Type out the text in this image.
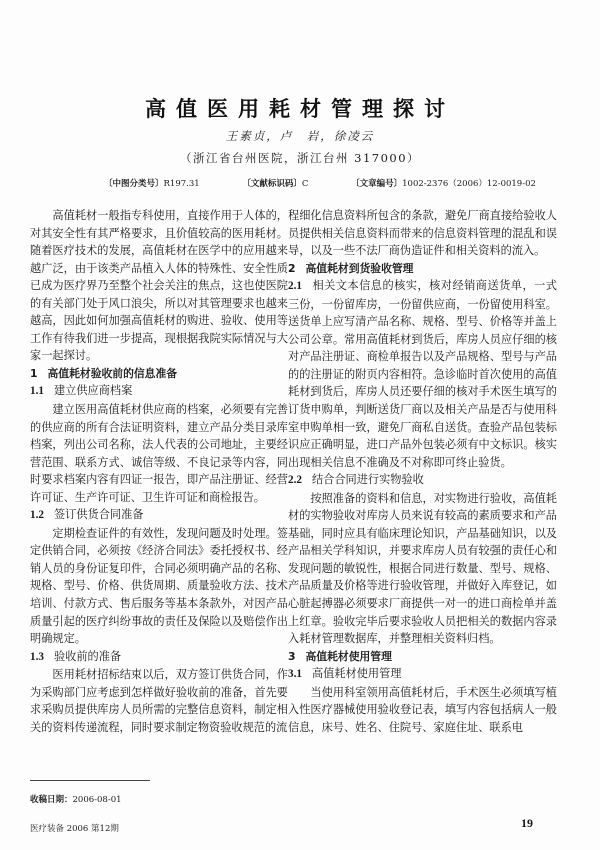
高值医用耗材管理探讨
王素贞，卢　岩，徐凌云
（浙江省台州医院，浙江台州 317000）
〔中图分类号〕R197.31	〔文献标识码〕C	〔文章编号〕1002-2376（2006）12-0019-02

高值耗材一般指专科使用，直接作用于人体的，对其安全性有其严格要求，且价值较高的医用耗材。随着医疗技术的发展，高值耗材在医学中的应用越来越广泛，由于该类产品植入人体的特殊性、安全性质已成为医疗界乃至整个社会关注的焦点，这也使医院的有关部门处于风口浪尖，所以对其管理要求也越来越高，因此如何加强高值耗材的购进、验收、使用等工作有待我们进一步提高，现根据我院实际情况与大家一起探讨。

1 高值耗材验收前的信息准备
1.1 建立供应商档案

建立医用高值耗材供应商的档案，必须要有完善的供应商的所有合法证明资料，建立产品分类目录库档案，列出公司名称，法人代表的公司地址，主要经营范围、联系方式、诚信等级、不良记录等内容，同时要求档案内容有四证一报告，即产品注册证、经营许可证、生产许可证、卫生许可证和商检报告。

1.2 签订供货合同准备

定期检查证件的有效性，发现问题及时处理。签定供销合同，必须按《经济合同法》委托授权书、经销人员的身份证复印件，合同必须明确产品的名称、规格、型号、价格、供货周期、质量验收方法、技术培训、付款方式、售后服务等基本条款外，对因产品质量引起的医疗纠纷事故的责任及保险以及赔偿作出明确规定。

1.3 验收前的准备

医用耗材招标结束以后，双方签订供货合同，作为采购部门应考虑到怎样做好验收前的准备，首先要求采购员提供库房人员所需的完整信息资料，制定相关的资料传递流程，同时要求制定物资验收规范的流

程细化信息资料所包含的条款，避免厂商直接给验收人员提供相关信息资料而带来的信息资料管理的混乱和误导，以及一些不法厂商伪造证件和相关资料的流入。

2 高值耗材到货验收管理

2.1 相关文本信息的核实，核对经销商送货单，一式三份，一份留库房，一份留供应商，一份留使用科室。送货单上应写清产品名称、规格、型号、价格等并盖上公司公章。常用高值耗材到货后，库房人员应仔细的核对产品注册证、商检单报告以及产品规格、型号与产品的的注册证的附页内容相符。急诊临时首次使用的高值耗材到货后，库房人员还要仔细的核对手术医生填写的订货申购单，判断送货厂商以及相关产品是否与使用科室申购单相一致，避免厂商私自送货。查验产品包装标识应正确明显，进口产品外包装必须有中文标识。核实出现相关信息不准确及不对称即可终止验货。

2.2 结合合同进行实物验收

按照准备的资料和信息，对实物进行验收，高值耗材的实物验收对库房人员来说有较高的素质要求和产品基础，同时应具有临床理论知识，产品基础知识，以及产品相关学科知识，并要求库房人员有较强的责任心和发现问题的敏锐性，根据合同进行数量、型号、规格、产品质量及价格等进行验收管理，并做好入库登记，如心脏起搏器必须要求厂商提供一对一的进口商检单并盖上红章。验收完毕后要求验收人员把相关的数据内容录入耗材管理数据库，并整理相关资料归档。

3 高值耗材使用管理
3.1 高值耗材使用管理

当使用科室领用高值耗材后，手术医生必须填写植入性医疗器械使用验收登记表，填写内容包括病人一般信息，床号、姓名、住院号、家庭住址、联系电

收稿日期：2006-08-01
医疗装备 2006 第12期	19
